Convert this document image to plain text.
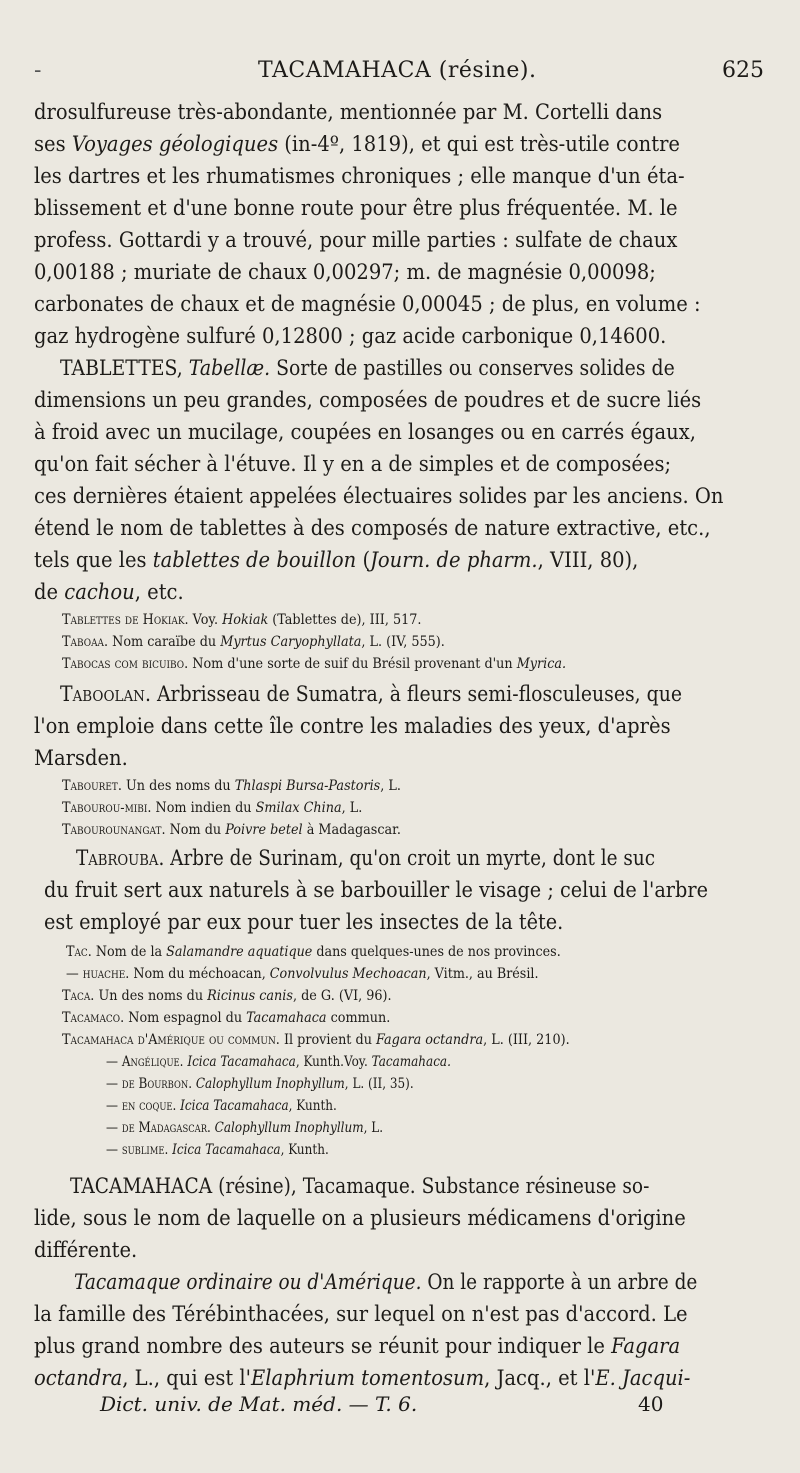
-	TACAMAHACA (résine).	625
drosulfureuse très-abondante, mentionnée par M. Cortelli dans
ses Voyages géologiques (in-4º, 1819), et qui est très-utile contre
les dartres et les rhumatismes chroniques ; elle manque d'un éta-
blissement et d'une bonne route pour être plus fréquentée. M. le
profess. Gottardi y a trouvé, pour mille parties : sulfate de chaux
0,00188 ; muriate de chaux 0,00297; m. de magnésie 0,00098;
carbonates de chaux et de magnésie 0,00045 ; de plus, en volume :
gaz hydrogène sulfuré 0,12800 ; gaz acide carbonique 0,14600.
TABLETTES, Tabellæ. Sorte de pastilles ou conserves solides de
dimensions un peu grandes, composées de poudres et de sucre liés
à froid avec un mucilage, coupées en losanges ou en carrés égaux,
qu'on fait sécher à l'étuve. Il y en a de simples et de composées;
ces dernières étaient appelées électuaires solides par les anciens. On
étend le nom de tablettes à des composés de nature extractive, etc.,
tels que les tablettes de bouillon (Journ. de pharm., VIII, 80),
de cachou, etc.
Tablettes de Hokiak. Voy. Hokiak (Tablettes de), III, 517.
Taboaa. Nom caraïbe du Myrtus Caryophyllata, L. (IV, 555).
Tabocas com bicuibo. Nom d'une sorte de suif du Brésil provenant d'un Myrica.
Taboolan. Arbrisseau de Sumatra, à fleurs semi-flosculeuses, que
l'on emploie dans cette île contre les maladies des yeux, d'après
Marsden.
Tabouret. Un des noms du Thlaspi Bursa-Pastoris, L.
Tabourou-mibi. Nom indien du Smilax China, L.
Tabourounangat. Nom du Poivre betel à Madagascar.
Tabrouba. Arbre de Surinam, qu'on croit un myrte, dont le suc
du fruit sert aux naturels à se barbouiller le visage ; celui de l'arbre
est employé par eux pour tuer les insectes de la tête.
Tac. Nom de la Salamandre aquatique dans quelques-unes de nos provinces.
— huache. Nom du méchoacan, Convolvulus Mechoacan, Vitm., au Brésil.
Taca. Un des noms du Ricinus canis, de G. (VI, 96).
Tacamaco. Nom espagnol du Tacamahaca commun.
Tacamahaca d'Amérique ou commun. Il provient du Fagara octandra, L. (III, 210).
— Angélique. Icica Tacamahaca, Kunth.Voy. Tacamahaca.
— de Bourbon. Calophyllum Inophyllum, L. (II, 35).
— en coque. Icica Tacamahaca, Kunth.
— de Madagascar. Calophyllum Inophyllum, L.
— sublime. Icica Tacamahaca, Kunth.
TACAMAHACA (résine), Tacamaque. Substance résineuse so-
lide, sous le nom de laquelle on a plusieurs médicamens d'origine
différente.
Tacamaque ordinaire ou d'Amérique. On le rapporte à un arbre de
la famille des Térébinthacées, sur lequel on n'est pas d'accord. Le
plus grand nombre des auteurs se réunit pour indiquer le Fagara
octandra, L., qui est l'Elaphrium tomentosum, Jacq., et l'E. Jacqui-
Dict. univ. de Mat. méd. — T. 6.	40
